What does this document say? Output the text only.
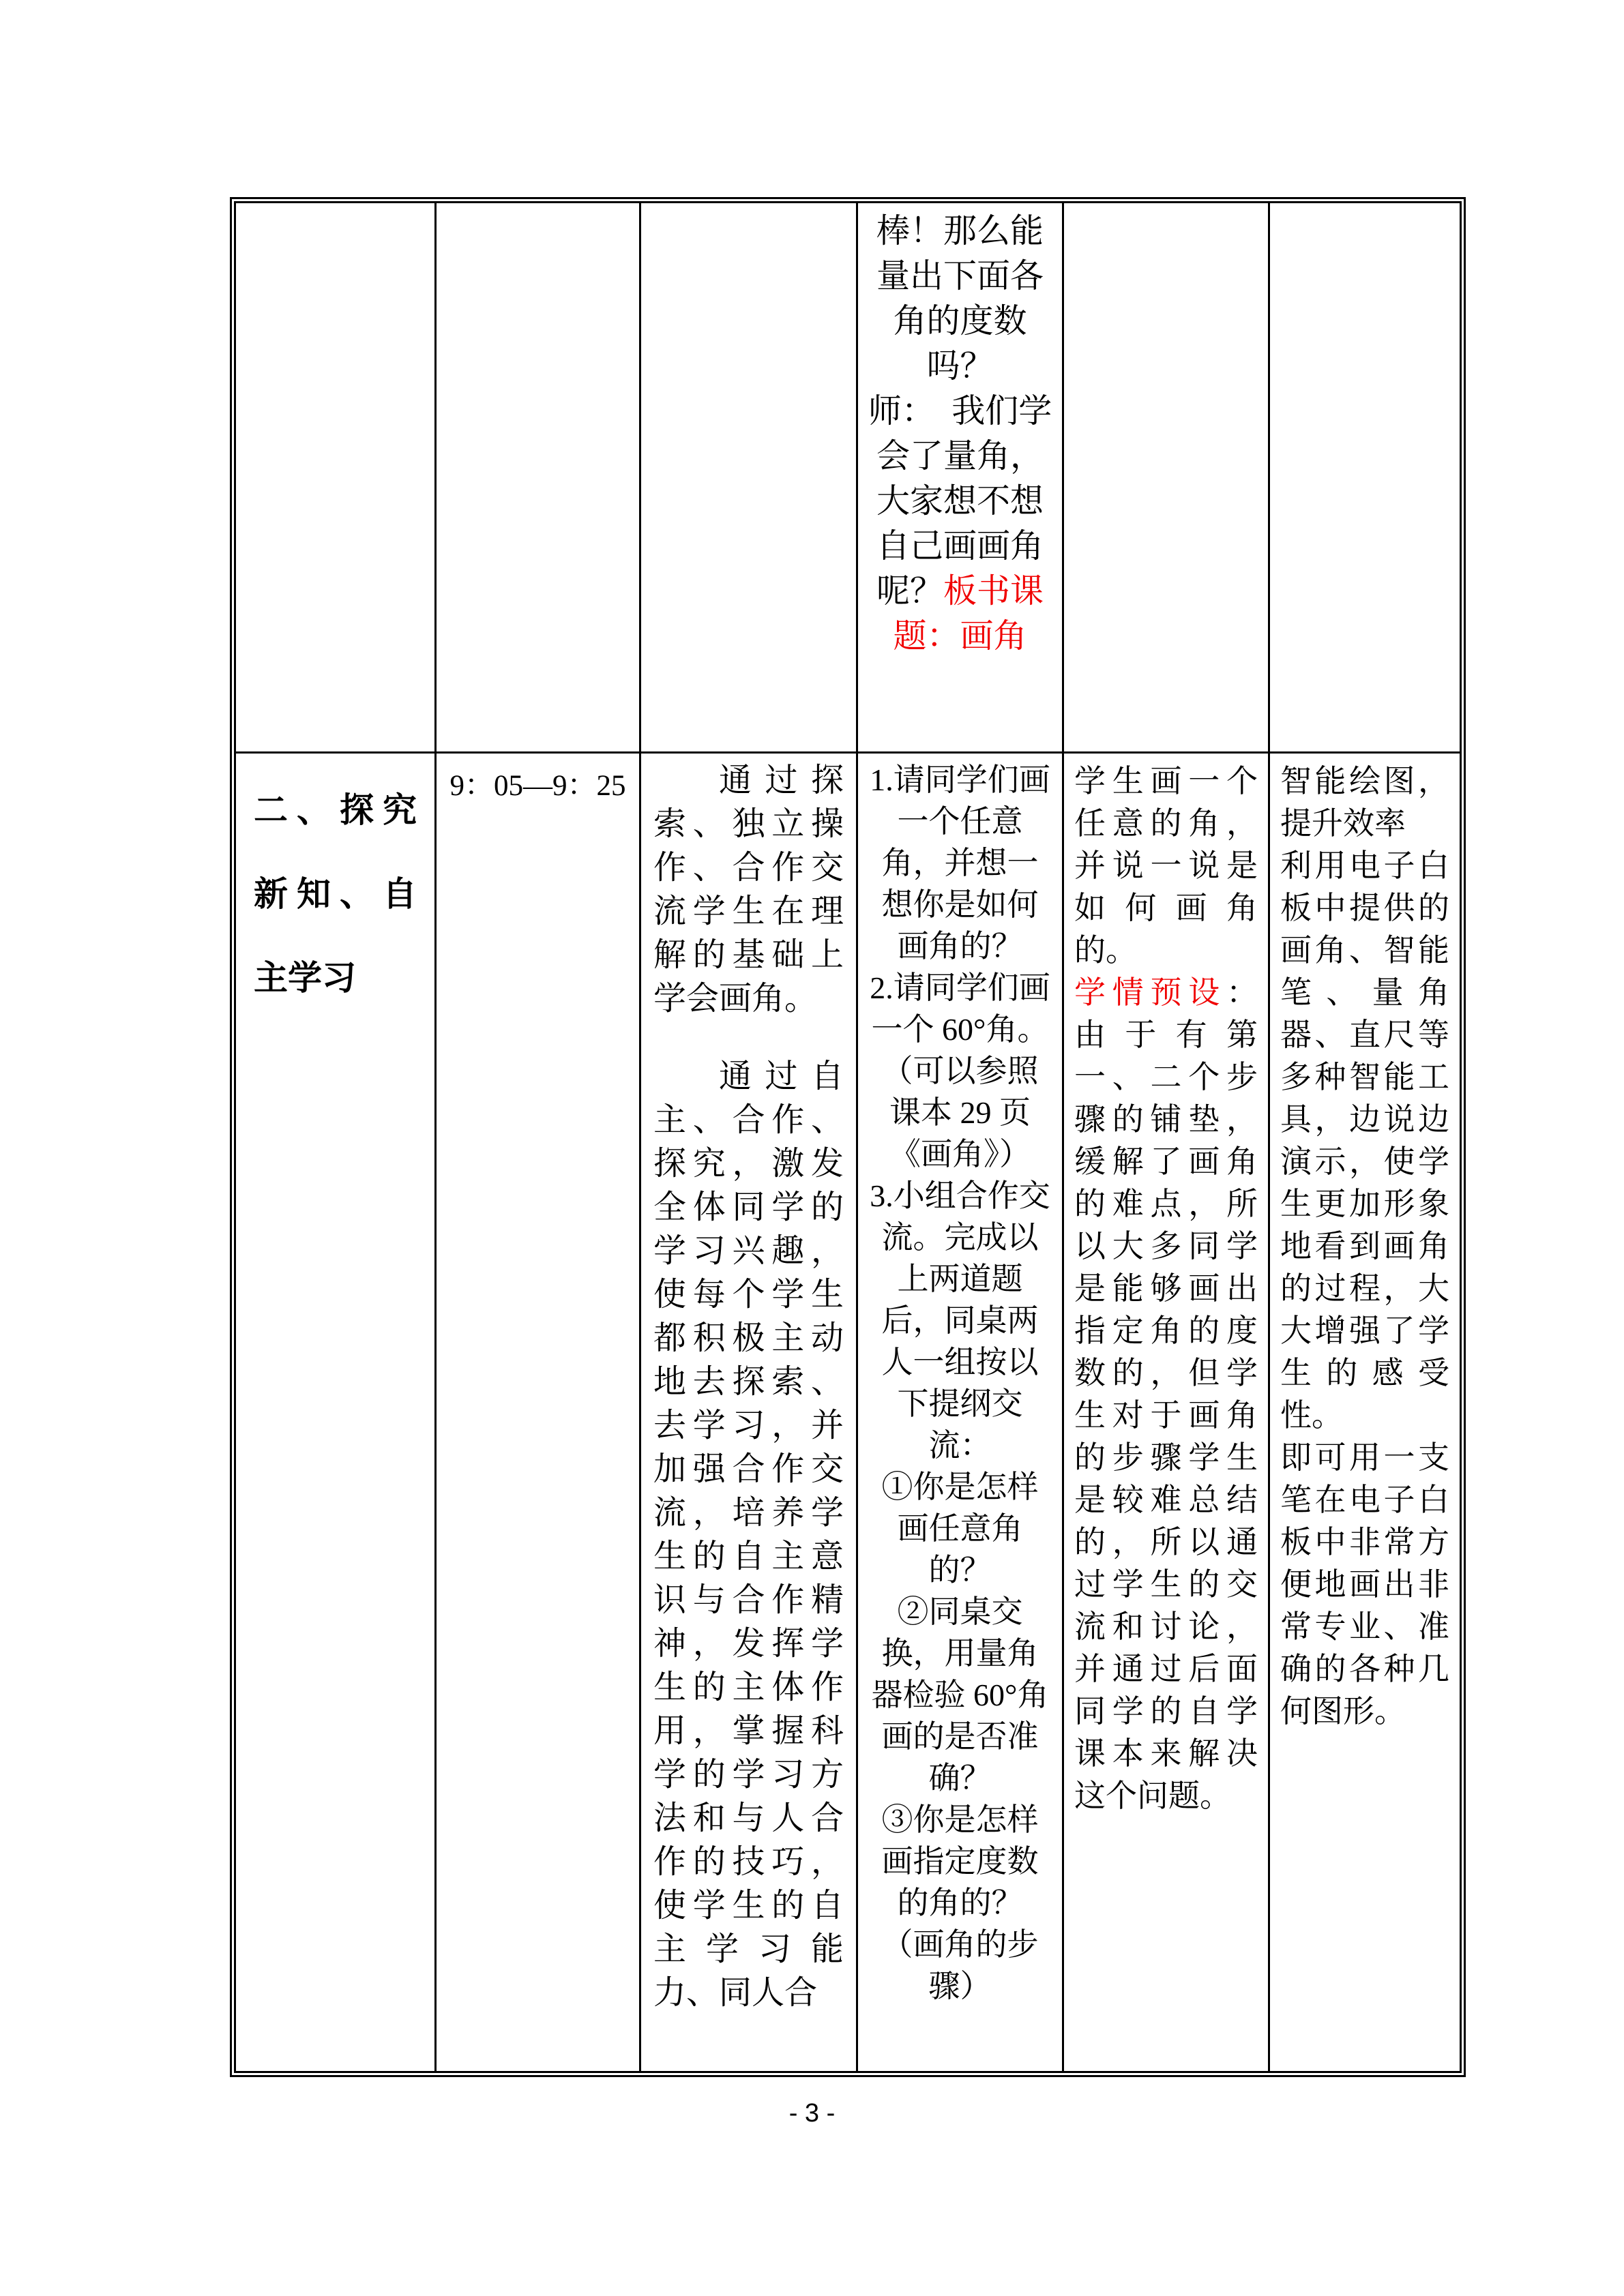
棒！那么能量出下面各角的度数吗？

师：　我们学会了量角，大家想不想自己画画角呢？板书课题：画角

二、探究新知、自主学习

9：05—9：25	通过探索、独立操作、合作交流学生在理解的基础上学会画角。

通过自主、合作、探究，激发全体同学的学习兴趣，使每个学生都积极主动地去探索、去学习，并加强合作交流，培养学生的自主意识与合作精神，发挥学生的主体作用，掌握科学的学习方法和与人合作的技巧，使学生的自主学习能力、同人合

1.请同学们画一个任意角，并想一想你是如何画角的？

2.请同学们画一个 60°角。（可以参照课本 29 页《画角》）

3.小组合作交流。完成以上两道题后，同桌两人一组按以下提纲交流：

①你是怎样画任意角的？

②同桌交换，用量角器检验 60°角画的是否准确？

③你是怎样画指定度数的角的？

（画角的步骤）

学生画一个任意的角，并说一说是如何画角的。

学情预设：由于有第一、二个步骤的铺垫，缓解了画角的难点，所以大多同学是能够画出指定角的度数的，但学生对于画角的步骤学生是较难总结的，所以通过学生的交流和讨论，并通过后面同学的自学课本来解决这个问题。

智能绘图，提升效率

利用电子白板中提供的画角、智能笔、量角器、直尺等多种智能工具，边说边演示，使学生更加形象地看到画角的过程，大大增强了学生的感受性。

即可用一支笔在电子白板中非常方便地画出非常专业、准确的各种几何图形。

- 3 -
